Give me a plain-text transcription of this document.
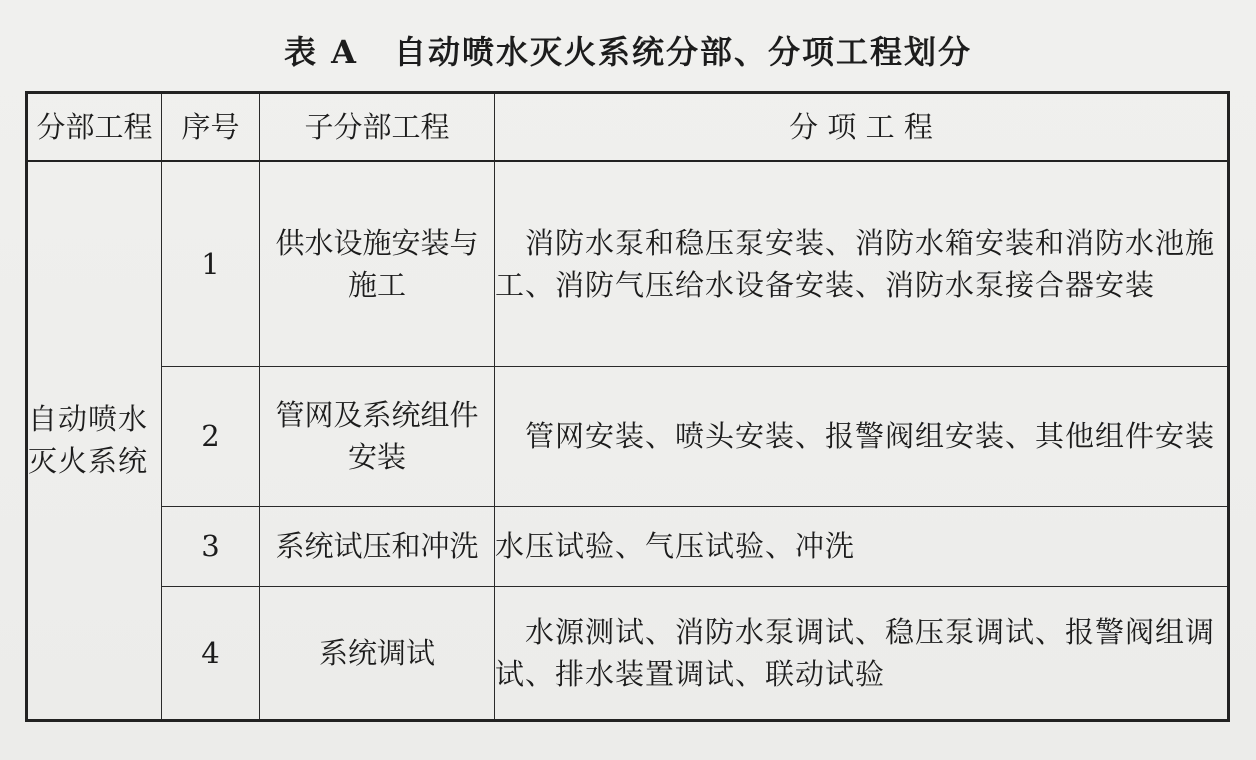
表 A 自动喷水灭火系统分部、分项工程划分
分部工程	序号	子分部工程	分 项 工 程

自动喷水灭火系统	1	供水设施安装与施工	消防水泵和稳压泵安装、消防水箱安装和消防水池施工、消防气压给水设备安装、消防水泵接合器安装

	2	管网及系统组件安装	管网安装、喷头安装、报警阀组安装、其他组件安装

	3	系统试压和冲洗	水压试验、气压试验、冲洗

	4	系统调试	水源测试、消防水泵调试、稳压泵调试、报警阀组调试、排水装置调试、联动试验
